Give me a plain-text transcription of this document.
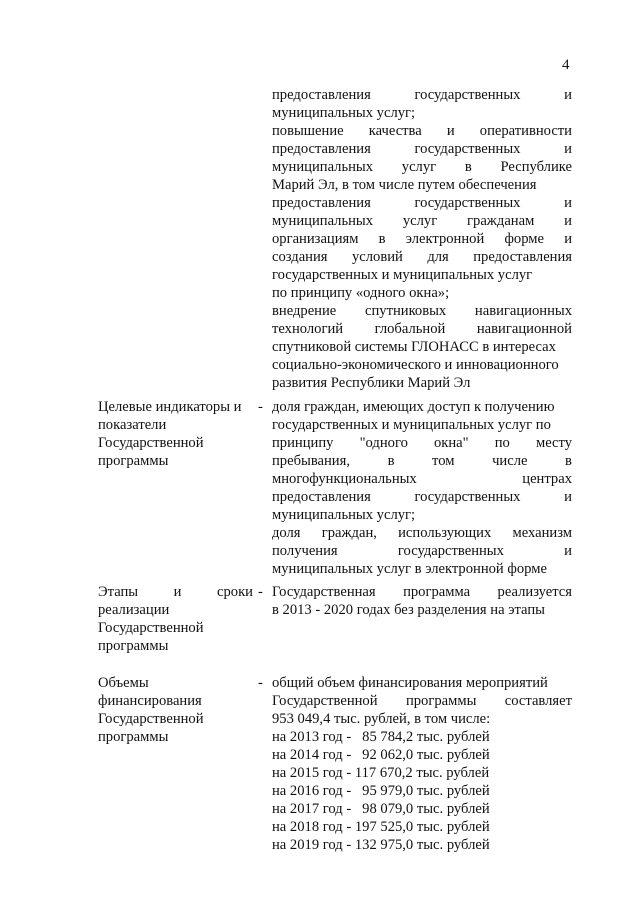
4
предоставления	государственных	и
муниципальных услуг;
повышение качества и оперативности
предоставления	государственных	и
муниципальных услуг в Республике
Марий Эл, в том числе путем обеспечения
предоставления	государственных	и
муниципальных услуг гражданам и
организациям в электронной форме и
создания условий для предоставления
государственных и муниципальных услуг
по принципу «одного окна»;
внедрение спутниковых навигационных
технологий глобальной навигационной
спутниковой системы ГЛОНАСС в интересах
социально-экономического и инновационного
развития Республики Марий Эл
Целевые индикаторы и
показатели
Государственной
программы
- доля граждан, имеющих доступ к получению
государственных и муниципальных услуг по
принципу "одного окна" по месту
пребывания,	в	том	числе	в
многофункциональных	центрах
предоставления	государственных	и
муниципальных услуг;
доля граждан, использующих механизм
получения	государственных	и
муниципальных услуг в электронной форме
Этапы и сроки
реализации
Государственной
программы
- Государственная программа реализуется
в 2013 - 2020 годах без разделения на этапы
Объемы
финансирования
Государственной
программы
- общий объем финансирования мероприятий
Государственной программы составляет
953 049,4 тыс. рублей, в том числе:
на 2013 год -   85 784,2 тыс. рублей
на 2014 год -   92 062,0 тыс. рублей
на 2015 год - 117 670,2 тыс. рублей
на 2016 год -   95 979,0 тыс. рублей
на 2017 год -   98 079,0 тыс. рублей
на 2018 год - 197 525,0 тыс. рублей
на 2019 год - 132 975,0 тыс. рублей
